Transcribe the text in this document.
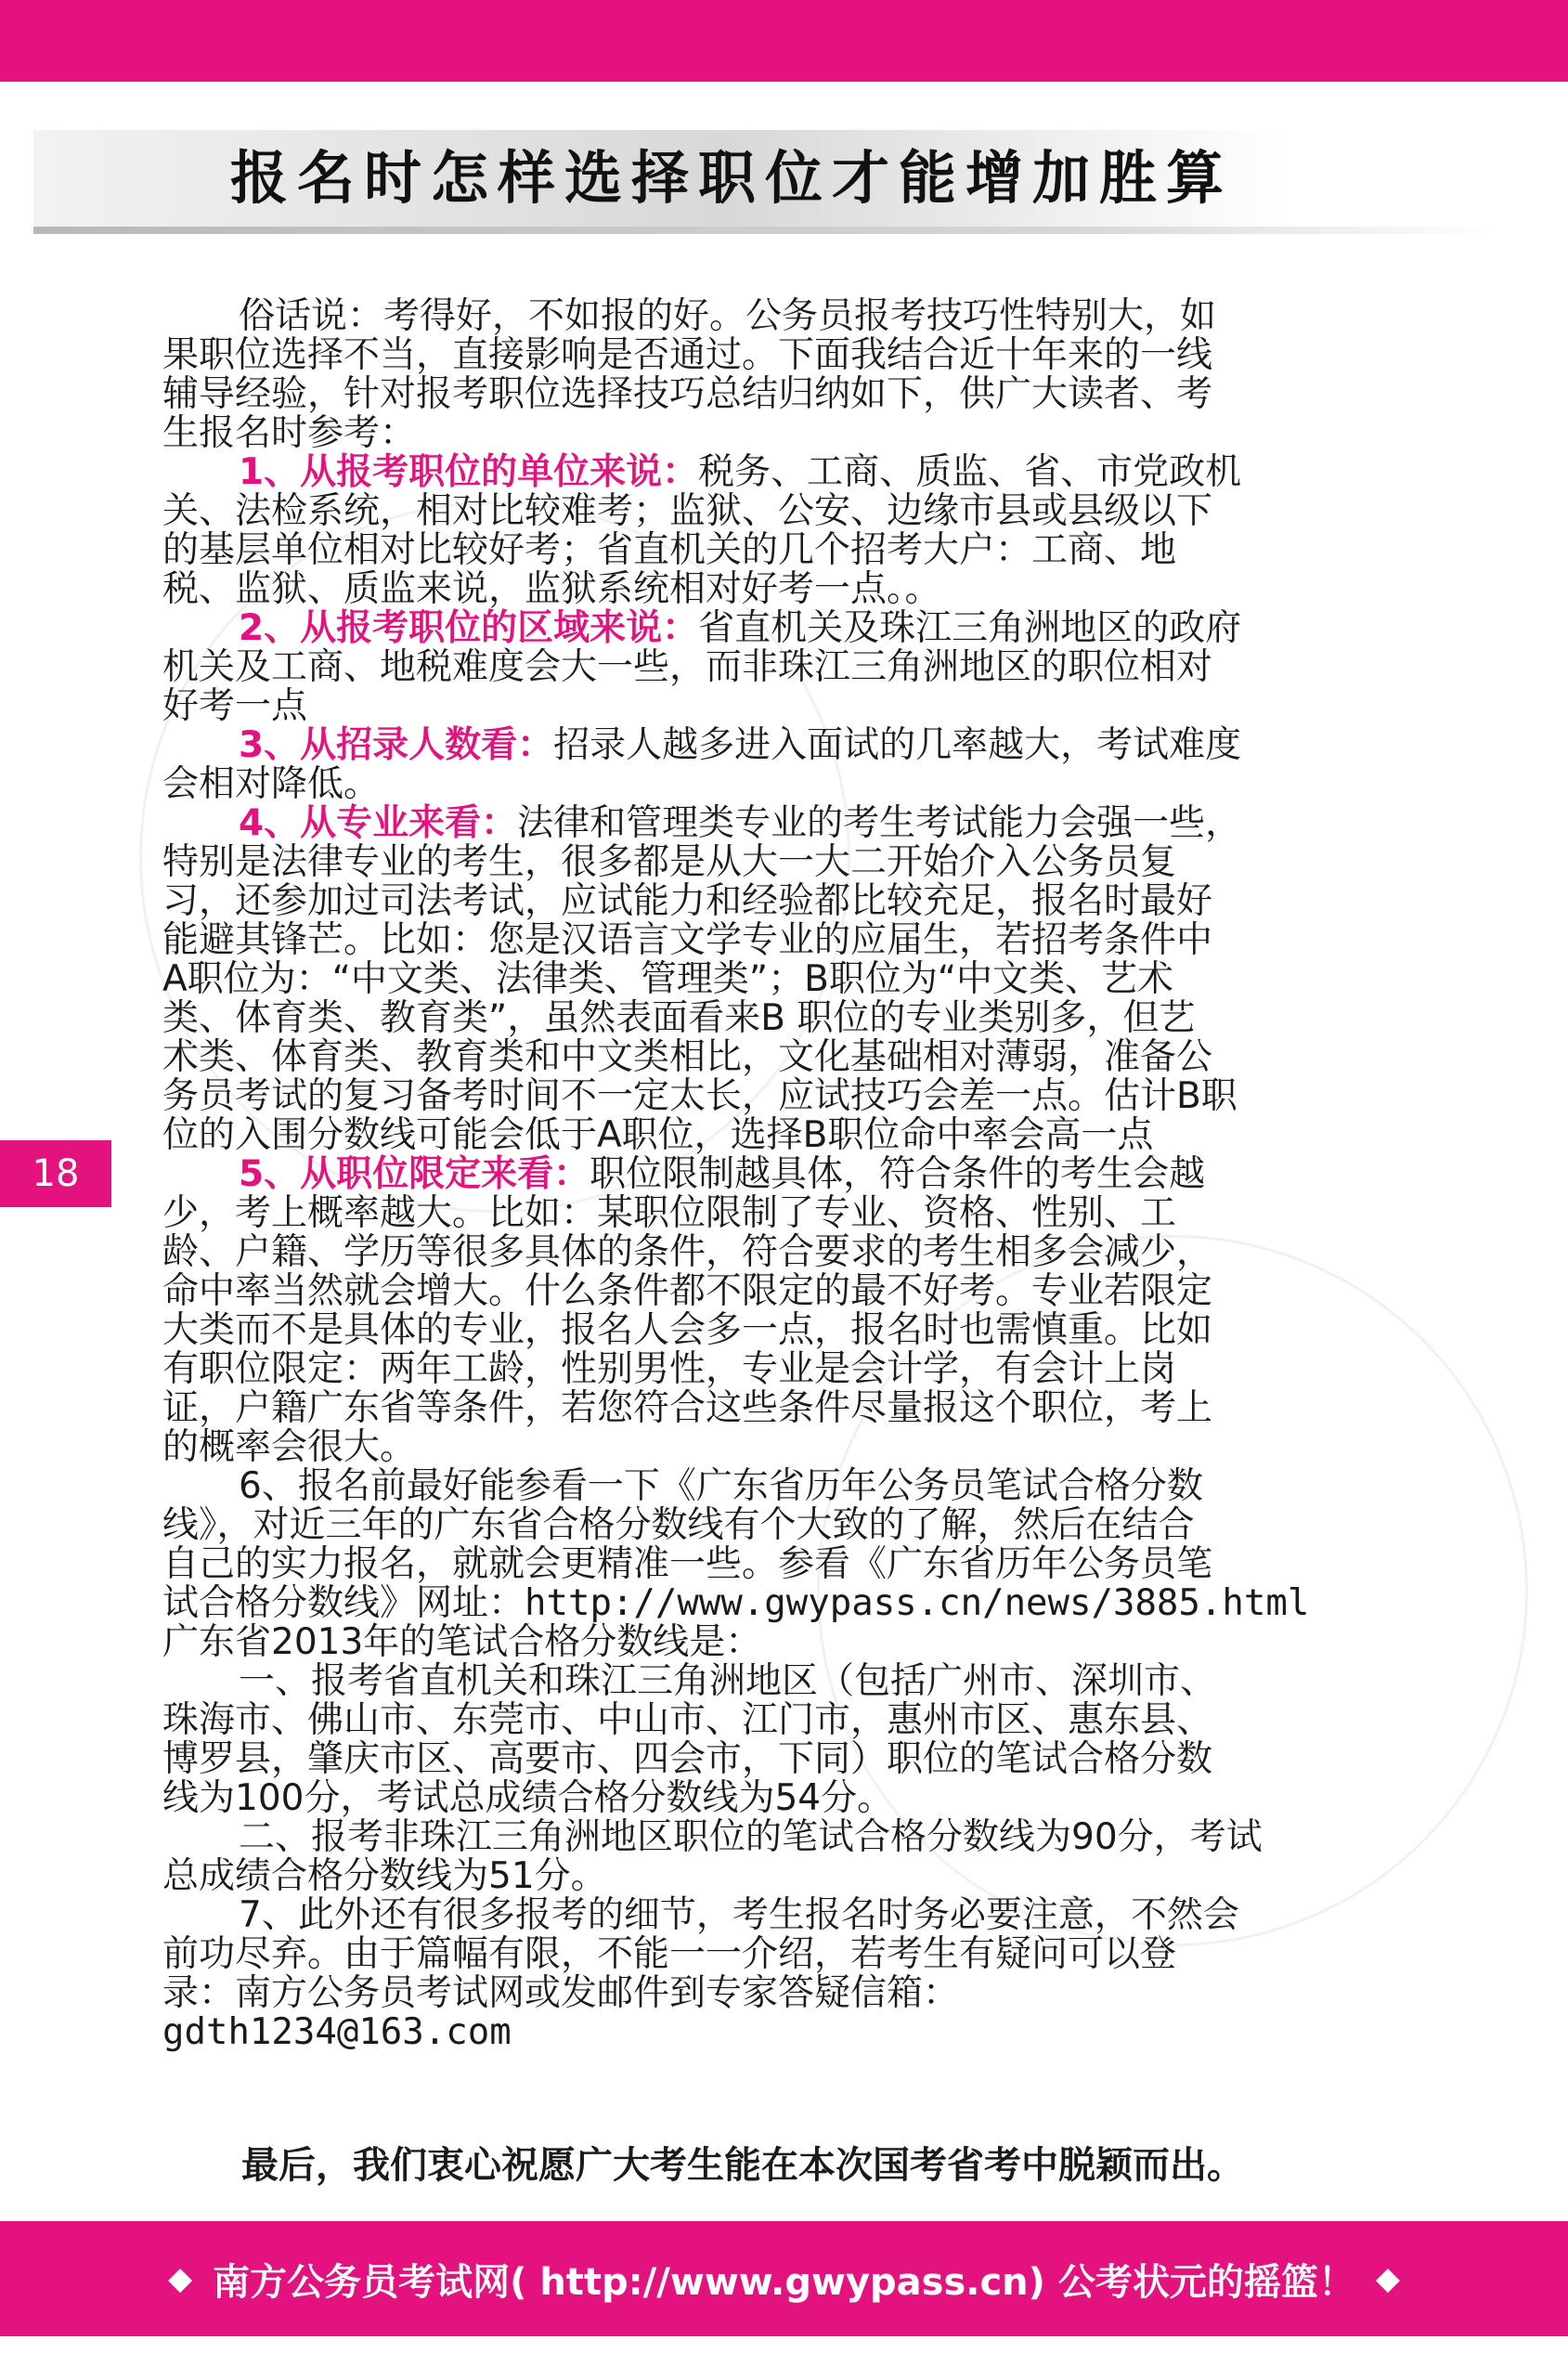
报名时怎样选择职位才能增加胜算
18

俗话说：考得好，不如报的好。公务员报考技巧性特别大，如

果职位选择不当，直接影响是否通过。下面我结合近十年来的一线

辅导经验，针对报考职位选择技巧总结归纳如下，供广大读者、考

生报名时参考：

1、从报考职位的单位来说：税务、工商、质监、省、市党政机

关、法检系统，相对比较难考；监狱、公安、边缘市县或县级以下

的基层单位相对比较好考；省直机关的几个招考大户：工商、地

税、监狱、质监来说，监狱系统相对好考一点。。

2、从报考职位的区域来说：省直机关及珠江三角洲地区的政府

机关及工商、地税难度会大一些，而非珠江三角洲地区的职位相对

好考一点

3、从招录人数看：招录人越多进入面试的几率越大，考试难度

会相对降低。

4、从专业来看：法律和管理类专业的考生考试能力会强一些，

特别是法律专业的考生，很多都是从大一大二开始介入公务员复

习，还参加过司法考试，应试能力和经验都比较充足，报名时最好

能避其锋芒。比如：您是汉语言文学专业的应届生，若招考条件中

A职位为：“中文类、法律类、管理类”；B职位为“中文类、艺术

类、体育类、教育类”，虽然表面看来B 职位的专业类别多，但艺

术类、体育类、教育类和中文类相比，文化基础相对薄弱，准备公

务员考试的复习备考时间不一定太长，应试技巧会差一点。估计B职

位的入围分数线可能会低于A职位，选择B职位命中率会高一点

5、从职位限定来看：职位限制越具体，符合条件的考生会越

少，考上概率越大。比如：某职位限制了专业、资格、性别、工

龄、户籍、学历等很多具体的条件，符合要求的考生相多会减少，

命中率当然就会增大。什么条件都不限定的最不好考。专业若限定

大类而不是具体的专业，报名人会多一点，报名时也需慎重。比如

有职位限定：两年工龄，性别男性，专业是会计学，有会计上岗

证，户籍广东省等条件，若您符合这些条件尽量报这个职位，考上

的概率会很大。

6、报名前最好能参看一下《广东省历年公务员笔试合格分数

线》，对近三年的广东省合格分数线有个大致的了解，然后在结合

自己的实力报名，就就会更精准一些。参看《广东省历年公务员笔

试合格分数线》网址：http://www.gwypass.cn/news/3885.html

广东省2013年的笔试合格分数线是：

一、报考省直机关和珠江三角洲地区（包括广州市、深圳市、

珠海市、佛山市、东莞市、中山市、江门市，惠州市区、惠东县、

博罗县，肇庆市区、高要市、四会市，下同）职位的笔试合格分数

线为100分，考试总成绩合格分数线为54分。

二、报考非珠江三角洲地区职位的笔试合格分数线为90分，考试

总成绩合格分数线为51分。

7、此外还有很多报考的细节，考生报名时务必要注意，不然会

前功尽弃。由于篇幅有限，不能一一介绍，若考生有疑问可以登

录：南方公务员考试网或发邮件到专家答疑信箱：

gdth1234@163.com

最后，我们衷心祝愿广大考生能在本次国考省考中脱颖而出。

◆ 南方公务员考试网( http://www.gwypass.cn) 公考状元的摇篮！ ◆
